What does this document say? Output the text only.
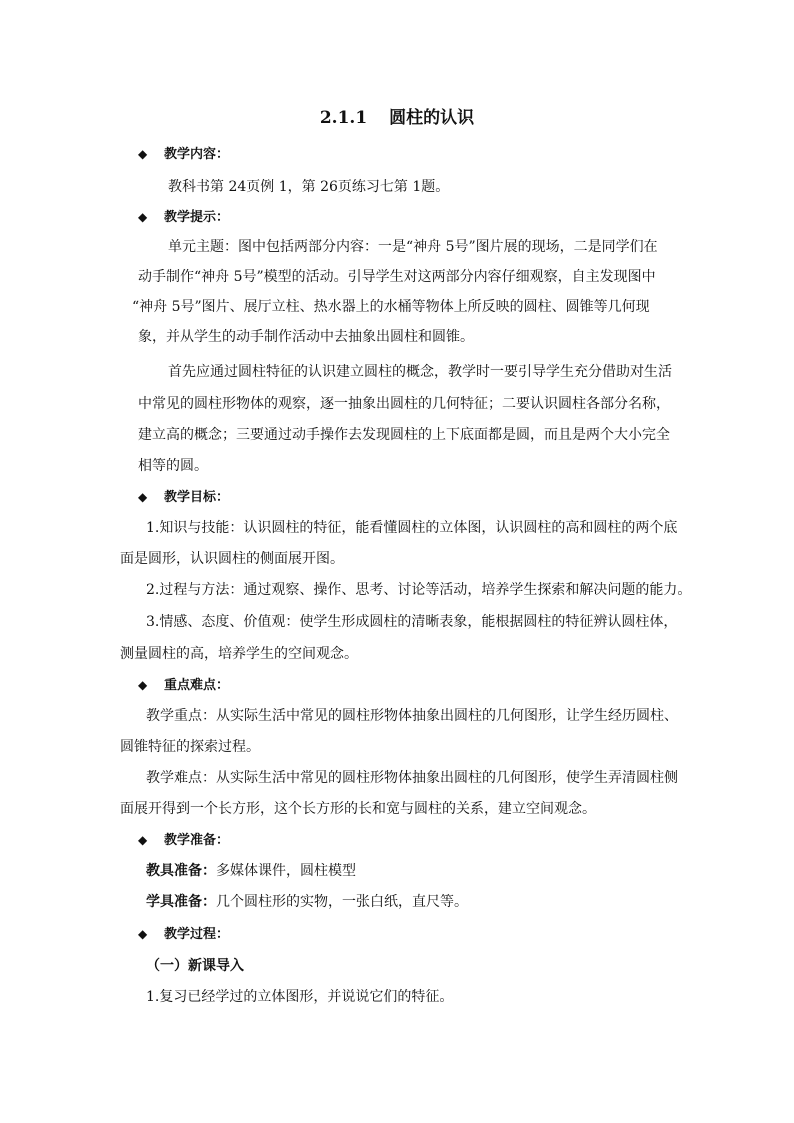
2.1.1 圆柱的认识
◆ 教学内容：
教科书第 24页例 1，第 26页练习七第 1题。
◆ 教学提示：
单元主题：图中包括两部分内容：一是“神舟 5号”图片展的现场，二是同学们在
动手制作“神舟 5号”模型的活动。引导学生对这两部分内容仔细观察，自主发现图中
“神舟 5号”图片、展厅立柱、热水器上的水桶等物体上所反映的圆柱、圆锥等几何现
象，并从学生的动手制作活动中去抽象出圆柱和圆锥。
首先应通过圆柱特征的认识建立圆柱的概念，教学时一要引导学生充分借助对生活
中常见的圆柱形物体的观察，逐一抽象出圆柱的几何特征；二要认识圆柱各部分名称，
建立高的概念；三要通过动手操作去发现圆柱的上下底面都是圆，而且是两个大小完全
相等的圆。
◆ 教学目标：
1.知识与技能：认识圆柱的特征，能看懂圆柱的立体图，认识圆柱的高和圆柱的两个底
面是圆形，认识圆柱的侧面展开图。
2.过程与方法：通过观察、操作、思考、讨论等活动，培养学生探索和解决问题的能力。
3.情感、态度、价值观：使学生形成圆柱的清晰表象，能根据圆柱的特征辨认圆柱体，
测量圆柱的高，培养学生的空间观念。
◆ 重点难点：
教学重点：从实际生活中常见的圆柱形物体抽象出圆柱的几何图形，让学生经历圆柱、
圆锥特征的探索过程。
教学难点：从实际生活中常见的圆柱形物体抽象出圆柱的几何图形，使学生弄清圆柱侧
面展开得到一个长方形，这个长方形的长和宽与圆柱的关系，建立空间观念。
◆ 教学准备：
教具准备：多媒体课件，圆柱模型
学具准备：几个圆柱形的实物，一张白纸，直尺等。
◆ 教学过程：
（一）新课导入
1.复习已经学过的立体图形，并说说它们的特征。
